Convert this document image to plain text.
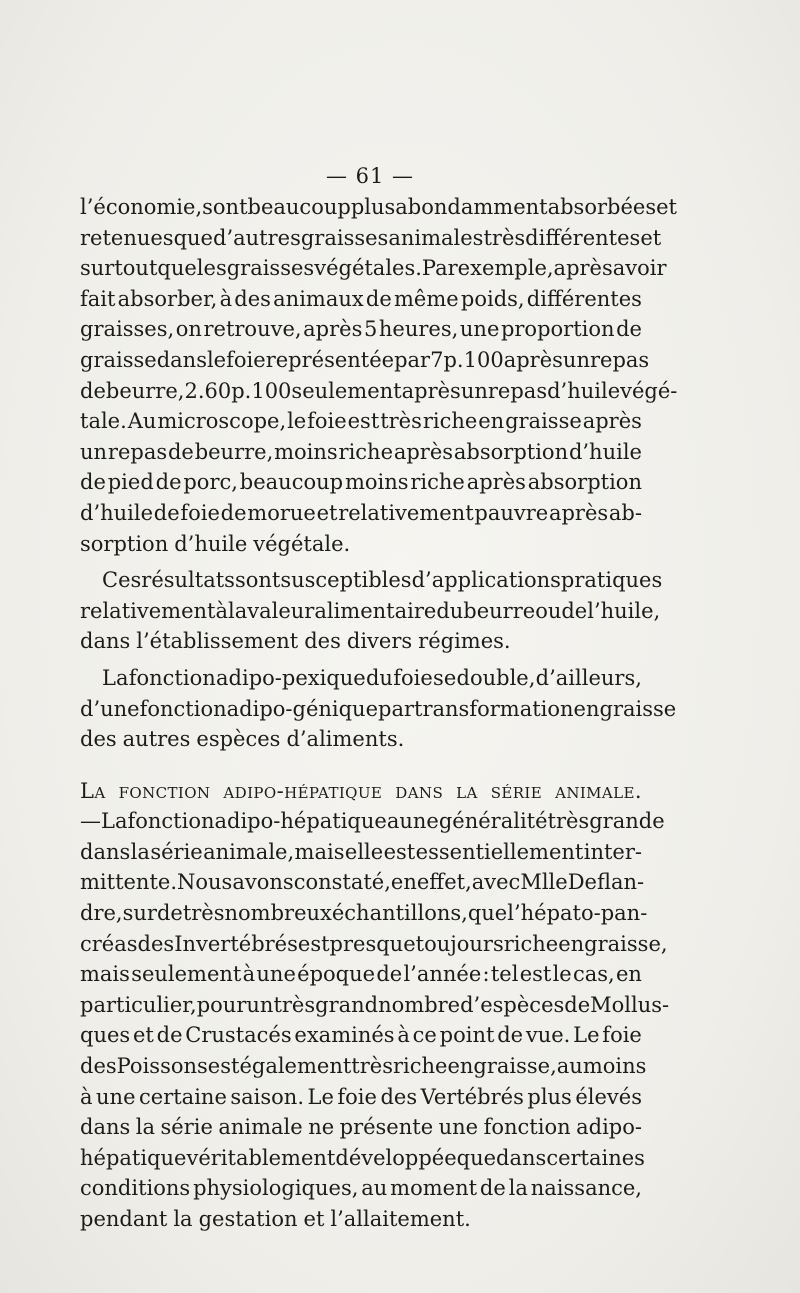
— 61 —
l’économie, sont beaucoup plus abondamment absorbées et
retenues que d’autres graisses animales très différentes et
surtout que les graisses végétales. Par exemple, après avoir
fait absorber, à des animaux de même poids, différentes
graisses, on retrouve, après 5 heures, une proportion de
graisse dans le foie représentée par 7 p. 100 après un repas
de beurre, 2.60 p.100 seulement après un repas d’huile végé-
tale. Au microscope, le foie est très riche en graisse après
un repas de beurre, moins riche après absorption d’huile
de pied de porc, beaucoup moins riche après absorption
d’huile de foie de morue et relativement pauvre après ab-
sorption d’huile végétale.
Ces résultats sont susceptibles d’applications pratiques
relativement à la valeur alimentaire du beurre ou de l’huile,
dans l’établissement des divers régimes.
La fonction adipo-pexique du foie se double, d’ailleurs,
d’une fonction adipo-génique par transformation en graisse
des autres espèces d’aliments.
La fonction adipo-hépatique dans la série animale.
— La fonction adipo-hépatique a une généralité très grande
dans la série animale, mais elle est essentiellement inter-
mittente. Nous avons constaté, en effet, avec Mlle Deflan-
dre, sur de très nombreux échantillons, que l’hépato-pan-
créas des Invertébrés est presque toujours riche en graisse,
mais seulement à une époque de l’année : tel est le cas, en
particulier, pour un très grand nombre d’espèces de Mollus-
ques et de Crustacés examinés à ce point de vue. Le foie
des Poissons est également très riche en graisse, au moins
à une certaine saison. Le foie des Vertébrés plus élevés
dans la série animale ne présente une fonction adipo-
hépatique véritablement développée que dans certaines
conditions physiologiques, au moment de la naissance,
pendant la gestation et l’allaitement.
